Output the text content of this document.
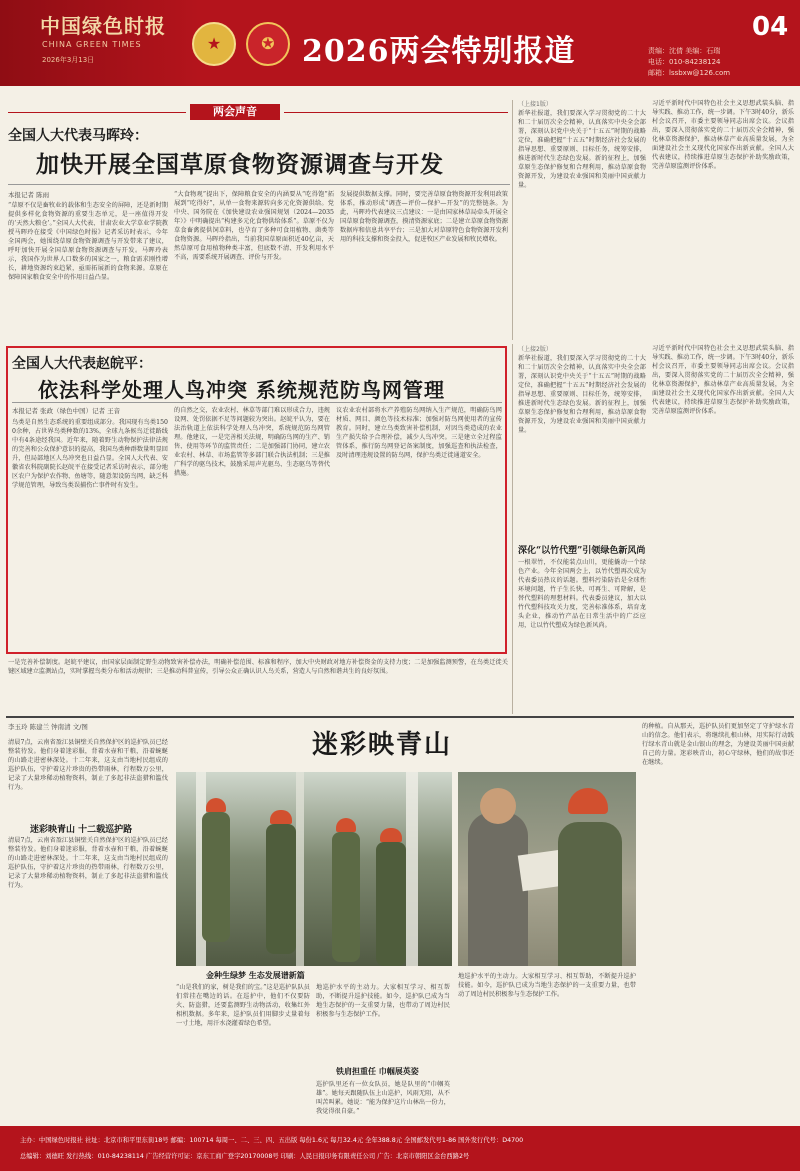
中国绿色时报
CHINA GREEN TIMES
2026年3月13日
★	✪ 2026两会特别报道
04
责编：沈倩 美编：石瑞
电话：010-84238124
邮箱：lssbxw@126.com
两会声音
全国人大代表马晖玲：
加快开展全国草原食物资源调查与开发
本报记者 陈雨
“草原不仅是畜牧业的载体和生态安全的屏障，还是新时期提供多样化食物资源的重要生态单元，是一座值得开发的‘天然大粮仓’。”全国人大代表、甘肃农业大学草业学院教授马晖玲在接受《中国绿色时报》记者采访时表示，今年全国两会，她围绕草原食物资源调查与开发带来了建议，呼吁加快开展全国草原食物资源调查与开发。马晖玲表示，我国作为世界人口数多的国家之一，粮食需求刚性增长，耕地资源约束趋紧，亟需拓展新的食物来源。草原在保障国家粮食安全中的作用日益凸显。
“大食物观”提出下，保障粮食安全的内涵要从“吃得饱”拓展到“吃得好”，从单一食物来源转向多元化资源供给。党中央、国务院在《加快建设农业强国规划（2024—2035年）》中明确提出“构建多元化食物供给体系”。草原不仅为草食畜禽提供饲草料，也孕育了多种可食用植物、菌类等食物资源。马晖玲指出，当前我国草原面积近40亿亩，天然草原可食用植物种类丰富，但底数不清、开发利用水平不高，需要系统开展调查、评价与开发。
发展提供数据支撑。同时，要完善草原食物资源开发利用政策体系，推动形成“调查—评价—保护—开发”的完整链条。为此，马晖玲代表建议三点建议：一是由国家林草局牵头开展全国草原食物资源调查，摸清资源家底；二是建立草原食物资源数据库和信息共享平台；三是加大对草原特色食物资源开发利用的科技支撑和资金投入，促进牧区产业发展和牧民增收。
（上接1版）
新华社报道，我们要深入学习贯彻党的二十大和二十届历次全会精神，认真落实中央全会部署，深刻认识党中央关于“十五五”时期的战略定位，准确把握“十五五”时期经济社会发展的指导思想、重要原则、目标任务，统筹安排，推进新时代生态绿色发展。新的征程上，加强草原生态保护修复和合理利用，推动草原食物资源开发，为建设农业强国和美丽中国贡献力量。
习近平新时代中国特色社会主义思想武装头脑、指导实践、推动工作，统一步调。下午3时40分，新乐村会议召开，市委主要领导同志出席会议。会议指出，要深入贯彻落实党的二十届历次全会精神，强化林草资源保护，推动林草产业高质量发展，为全面建设社会主义现代化国家作出新贡献。全国人大代表建议，持续推进草原生态保护补助奖励政策，完善草原监测评价体系。
全国人大代表赵皖平：
依法科学处理人鸟冲突 系统规范防鸟网管理
本报记者 张政（绿色中国）记者 王音
鸟类是自然生态系统的重要组成部分。我国现有鸟类1500余种，占世界鸟类种数的13%，全球九条候鸟迁徙路线中有4条途经我国。近年来，随着野生动物保护法律法规的完善和公众保护意识的提高，我国鸟类种群数量明显回升，但局部地区人鸟冲突也日益凸显。全国人大代表、安徽省农科院副院长赵皖平在接受记者采访时表示，部分地区农户为保护农作物、鱼塘等，随意架设防鸟网，缺乏科学规范管理，导致鸟类误捕伤亡事件时有发生。
的自然之交，农业农村、林草等部门难以形成合力，违规设网、处罚依据不足等问题较为突出。赵皖平认为，要在法治轨道上依法科学处理人鸟冲突，系统规范防鸟网管理。他建议，一是完善相关法规，明确防鸟网的生产、销售、使用等环节的监管责任；二是加强部门协同，建立农业农村、林草、市场监管等多部门联合执法机制；三是推广科学的驱鸟技术，鼓励采用声光驱鸟、生态驱鸟等替代措施。
议农业农村部将水产养殖防鸟网纳入生产规范，明确防鸟网材质、网目、颜色等技术标准；加强对防鸟网使用者的宣传教育。同时，建立鸟类致害补偿机制，对因鸟类造成的农业生产损失给予合理补偿，减少人鸟冲突。三是建立全过程监管体系，推行防鸟网登记备案制度，加强巡查和执法检查，及时清理违规设置的防鸟网，保护鸟类迁徙通道安全。
一是完善补偿制度。赵皖平建议，由国家层面制定野生动物致害补偿办法，明确补偿范围、标准和程序，加大中央财政对地方补偿资金的支持力度；二是加强监测预警，在鸟类迁徙关键区域建立监测站点，实时掌握鸟类分布和活动规律；三是推动科普宣传，引导公众正确认识人鸟关系，营造人与自然和谐共生的良好氛围。
（上接2版）
新华社报道，我们要深入学习贯彻党的二十大和二十届历次全会精神，认真落实中央全会部署，深刻认识党中央关于“十五五”时期的战略定位，准确把握“十五五”时期经济社会发展的指导思想、重要原则、目标任务，统筹安排，推进新时代生态绿色发展。新的征程上，加强草原生态保护修复和合理利用，推动草原食物资源开发，为建设农业强国和美丽中国贡献力量。
深化“以竹代塑”引领绿色新风尚
一根翠竹，不仅能装点山川，更能撬动一个绿色产业。今年全国两会上，以竹代塑再次成为代表委员热议的话题。塑料污染防治是全球性环境问题，竹子生长快、可再生、可降解，是替代塑料的理想材料。代表委员建议，加大以竹代塑科技攻关力度，完善标准体系，培育龙头企业，推动竹产品在日常生活中的广泛应用，让以竹代塑成为绿色新风尚。
习近平新时代中国特色社会主义思想武装头脑、指导实践、推动工作，统一步调。下午3时40分，新乐村会议召开，市委主要领导同志出席会议。会议指出，要深入贯彻落实党的二十届历次全会精神，强化林草资源保护，推动林草产业高质量发展，为全面建设社会主义现代化国家作出新贡献。全国人大代表建议，持续推进草原生态保护补助奖励政策，完善草原监测评价体系。
李玉玲 陈建兰 钟南清 文/图
迷彩映青山
清晨7点，云南省盈江县铜壁关自然保护区的巡护队员已经整装待发。他们身着迷彩服，背着水壶和干粮，沿着蜿蜒的山路走进密林深处。十二年来，这支由当地村民组成的巡护队伍，守护着这片珍贵的热带雨林，行程数万公里，记录了大量珍稀动植物资料，制止了多起非法盗猎和滥伐行为。
迷彩映青山 十二载巡护路
清晨7点，云南省盈江县铜壁关自然保护区的巡护队员已经整装待发。他们身着迷彩服，背着水壶和干粮，沿着蜿蜒的山路走进密林深处。十二年来，这支由当地村民组成的巡护队伍，守护着这片珍贵的热带雨林，行程数万公里，记录了大量珍稀动植物资料，制止了多起非法盗猎和滥伐行为。
金种生绿梦 生态发展谱新篇
“山是我们的家，树是我们的宝。”这是巡护队队员们常挂在嘴边的话。在巡护中，他们不仅要防火、防盗猎，还要监测野生动物活动，收集红外相机数据。多年来，巡护队员们用脚步丈量着每一寸土地，用汗水浇灌着绿色希望。
地巡护水平的主动力。大家相互学习、相互帮助，不断提升巡护技能。如今，巡护队已成为当地生态保护的一支重要力量，也带动了周边村民积极参与生态保护工作。
铁肩担重任 巾帼展英姿
巡护队里还有一位女队员，她是队里的“巾帼英雄”。她每天跟随队伍上山巡护，风雨无阻，从不叫苦叫累。她说：“能为保护这片山林出一份力，我觉得很自豪。”
地巡护水平的主动力。大家相互学习、相互帮助，不断提升巡护技能。如今，巡护队已成为当地生态保护的一支重要力量，也带动了周边村民积极参与生态保护工作。
的种植。自从那天，巡护队员们更加坚定了守护绿水青山的信念。他们表示，将继续扎根山林，用实际行动践行绿水青山就是金山银山的理念，为建设美丽中国贡献自己的力量。迷彩映青山，初心守绿林，他们的故事还在继续。
主办：中国绿色时报社 社址：北京市和平里东街18号 邮编：100714 每周一、二、三、四、五出版 每份1.6元 每月32.4元 全年388.8元 全国邮发代号1-86 国外发行代号：D4700
总编辑：刘德旺 发行热线：010-84238114 广告经营许可证：京东工商广登字20170008号 印刷：人民日报印务有限责任公司 广告：北京市朝阳区金台西路2号
